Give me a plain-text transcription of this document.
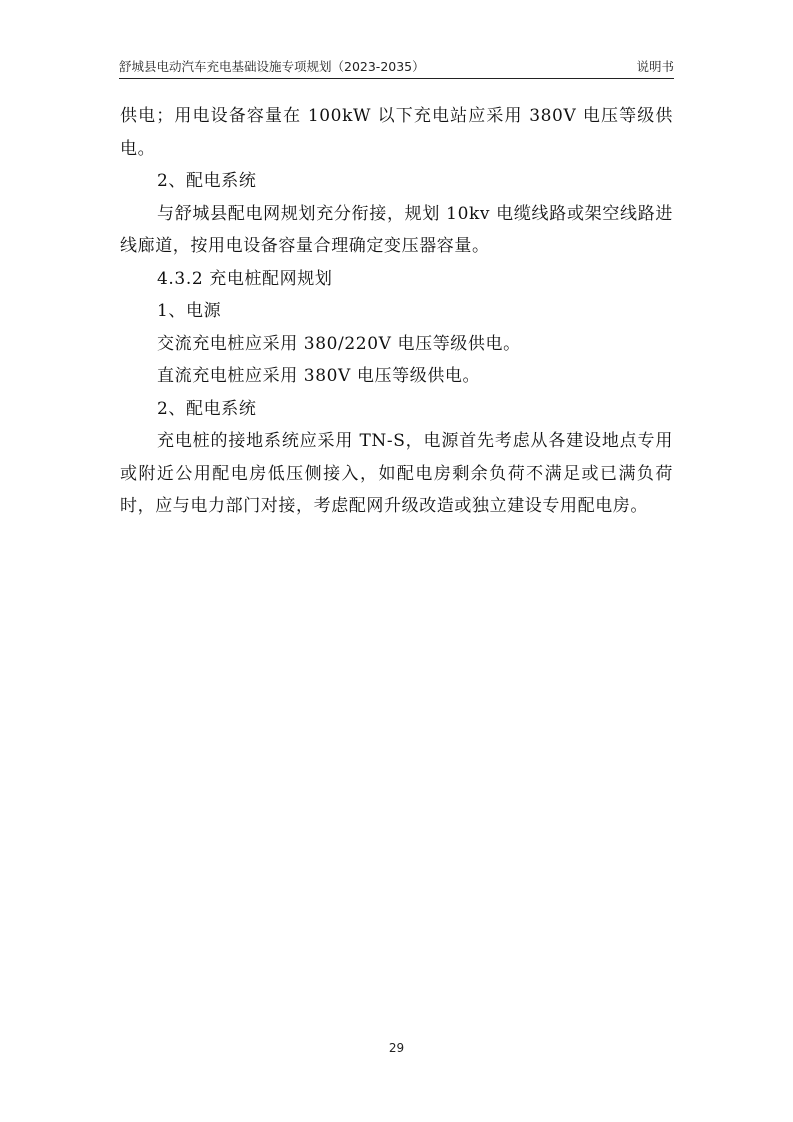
舒城县电动汽车充电基础设施专项规划（2023-2035）	说明书

供电；用电设备容量在 100kW 以下充电站应采用 380V 电压等级供电。

2、配电系统

与舒城县配电网规划充分衔接，规划 10kv 电缆线路或架空线路进线廊道，按用电设备容量合理确定变压器容量。

4.3.2 充电桩配网规划

1、电源

交流充电桩应采用 380/220V 电压等级供电。

直流充电桩应采用 380V 电压等级供电。

2、配电系统

充电桩的接地系统应采用 TN-S，电源首先考虑从各建设地点专用或附近公用配电房低压侧接入，如配电房剩余负荷不满足或已满负荷时，应与电力部门对接，考虑配网升级改造或独立建设专用配电房。

29
